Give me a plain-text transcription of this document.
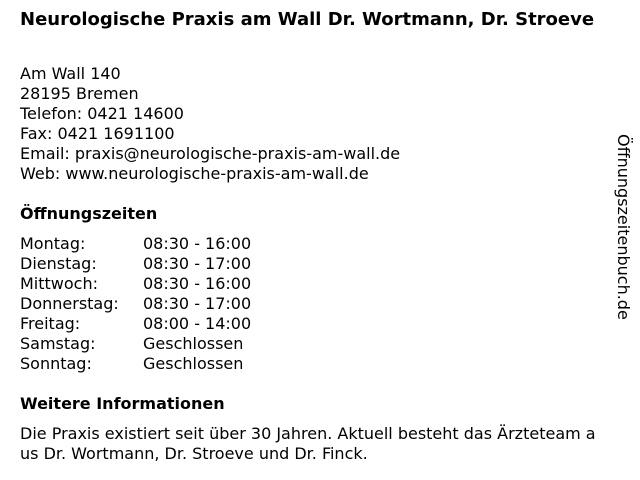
Neurologische Praxis am Wall Dr. Wortmann, Dr. Stroeve
Am Wall 140
28195 Bremen
Telefon: 0421 14600
Fax: 0421 1691100
Email: praxis@neurologische-praxis-am-wall.de
Web: www.neurologische-praxis-am-wall.de
Öffnungszeiten
Montag:	08:30 - 16:00
Dienstag:	08:30 - 17:00
Mittwoch:	08:30 - 16:00
Donnerstag: 08:30 - 17:00
Freitag:	08:00 - 14:00
Samstag:	Geschlossen
Sonntag:	Geschlossen
Weitere Informationen
Die Praxis existiert seit über 30 Jahren. Aktuell besteht das Ärzteteam aus Dr. Wortmann, Dr. Stroeve und Dr. Finck.
Öffnungszeitenbuch.de
